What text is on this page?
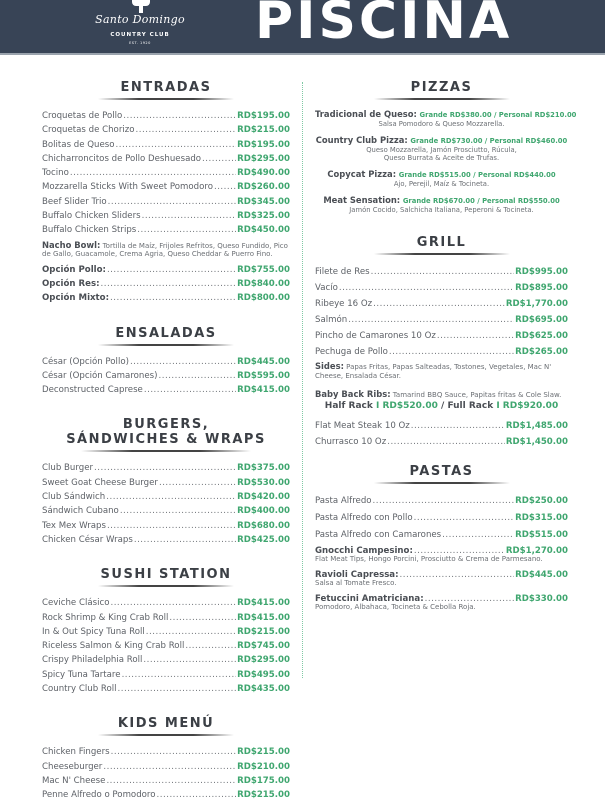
Santo Domingo
COUNTRY CLUB
EST. 1920	PISCINA
ENTRADAS
Croquetas de Pollo .....	RD$195.00
Croquetas de Chorizo .....	RD$215.00
Bolitas de Queso .....	RD$195.00
Chicharroncitos de Pollo Deshuesado .....	RD$295.00
Tocino .....	RD$490.00
Mozzarella Sticks With Sweet Pomodoro .....	RD$260.00
Beef Slider Trio .....	RD$345.00
Buffalo Chicken Sliders .....	RD$325.00
Buffalo Chicken Strips .....	RD$450.00
Nacho Bowl: Tortilla de Maíz, Frijoles Refritos, Queso Fundido, Pico de Gallo, Guacamole, Crema Agria, Queso Cheddar & Puerro Fino.
Opción Pollo: .....	RD$755.00
Opción Res: .....	RD$840.00
Opción Mixto: .....	RD$800.00
ENSALADAS
César (Opción Pollo) .....	RD$445.00
César (Opción Camarones) .....	RD$595.00
Deconstructed Caprese .....	RD$415.00
BURGERS,
SÁNDWICHES & WRAPS
Club Burger .....	RD$375.00
Sweet Goat Cheese Burger .....	RD$530.00
Club Sándwich .....	RD$420.00
Sándwich Cubano .....	RD$400.00
Tex Mex Wraps .....	RD$680.00
Chicken César Wraps .....	RD$425.00
SUSHI STATION
Ceviche Clásico .....	RD$415.00
Rock Shrimp & King Crab Roll .....	RD$415.00
In & Out Spicy Tuna Roll .....	RD$215.00
Riceless Salmon & King Crab Roll .....	RD$745.00
Crispy Philadelphia Roll .....	RD$295.00
Spicy Tuna Tartare .....	RD$495.00
Country Club Roll .....	RD$435.00
KIDS MENÚ
Chicken Fingers .....	RD$215.00
Cheeseburger .....	RD$210.00
Mac N' Cheese .....	RD$175.00
Penne Alfredo o Pomodoro .....	RD$215.00
PIZZAS
Tradicional de Queso: Grande RD$380.00 / Personal RD$210.00
Salsa Pomodoro & Queso Mozzarella.
Country Club Pizza: Grande RD$730.00 / Personal RD$460.00
Queso Mozzarella, Jamón Prosciutto, Rúcula,
Queso Burrata & Aceite de Trufas.
Copycat Pizza: Grande RD$515.00 / Personal RD$440.00
Ajo, Perejil, Maíz & Tocineta.
Meat Sensation: Grande RD$670.00 / Personal RD$550.00
Jamón Cocido, Salchicha Italiana, Peperoni & Tocineta.
GRILL
Filete de Res .....	RD$995.00
Vacío .....	RD$895.00
Ribeye 16 Oz .....	RD$1,770.00
Salmón .....	RD$695.00
Pincho de Camarones 10 Oz .....	RD$625.00
Pechuga de Pollo .....	RD$265.00
Sides: Papas Fritas, Papas Salteadas, Tostones, Vegetales, Mac N' Cheese, Ensalada César.
Baby Back Ribs: Tamarind BBQ Sauce, Papitas fritas & Cole Slaw.
Half Rack I RD$520.00 / Full Rack I RD$920.00
Flat Meat Steak 10 Oz .....	RD$1,485.00
Churrasco 10 Oz .....	RD$1,450.00
PASTAS
Pasta Alfredo .....	RD$250.00
Pasta Alfredo con Pollo .....	RD$315.00
Pasta Alfredo con Camarones .....	RD$515.00
Gnocchi Campesino: .....	RD$1,270.00
Flat Meat Tips, Hongo Porcini, Prosciutto & Crema de Parmesano.
Ravioli Capressa: .....	RD$445.00
Salsa al Tomate Fresco.
Fetuccini Amatriciana: .....	RD$330.00
Pomodoro, Albahaca, Tocineta & Cebolla Roja.
